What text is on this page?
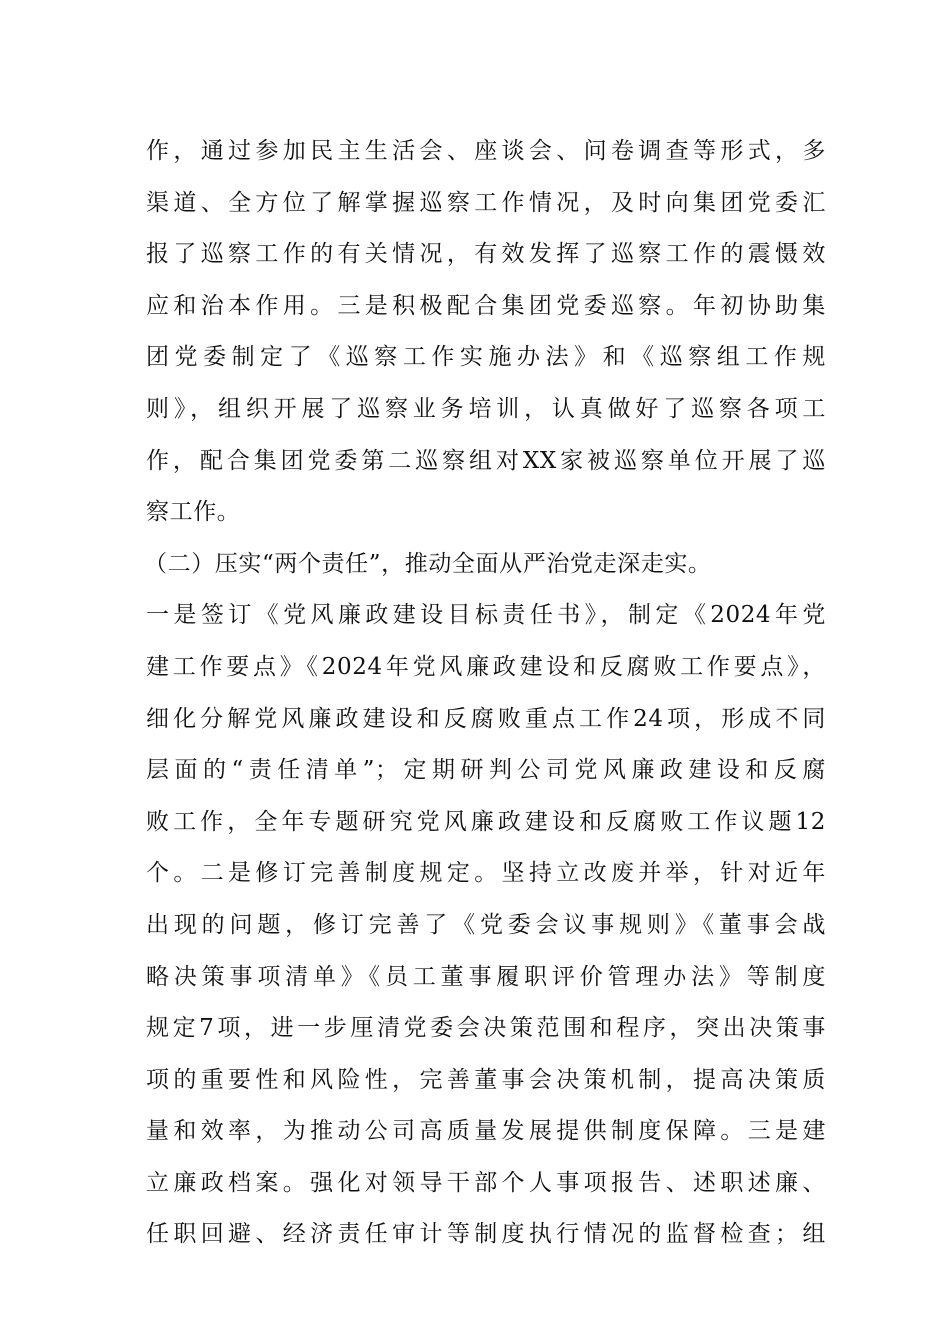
作，通过参加民主生活会、座谈会、问卷调查等形式，多
渠道、全方位了解掌握巡察工作情况，及时向集团党委汇
报了巡察工作的有关情况，有效发挥了巡察工作的震慑效
应和治本作用。三是积极配合集团党委巡察。年初协助集
团党委制定了《巡察工作实施办法》和《巡察组工作规
则》，组织开展了巡察业务培训，认真做好了巡察各项工
作，配合集团党委第二巡察组对XX家被巡察单位开展了巡
察工作。
（二）压实“两个责任”，推动全面从严治党走深走实。
一是签订《党风廉政建设目标责任书》，制定《2024年党
建工作要点》《2024年党风廉政建设和反腐败工作要点》，
细化分解党风廉政建设和反腐败重点工作24项，形成不同
层面的“责任清单”；定期研判公司党风廉政建设和反腐
败工作，全年专题研究党风廉政建设和反腐败工作议题12
个。二是修订完善制度规定。坚持立改废并举，针对近年
出现的问题，修订完善了《党委会议事规则》《董事会战
略决策事项清单》《员工董事履职评价管理办法》等制度
规定7项，进一步厘清党委会决策范围和程序，突出决策事
项的重要性和风险性，完善董事会决策机制，提高决策质
量和效率，为推动公司高质量发展提供制度保障。三是建
立廉政档案。强化对领导干部个人事项报告、述职述廉、
任职回避、经济责任审计等制度执行情况的监督检查；组
